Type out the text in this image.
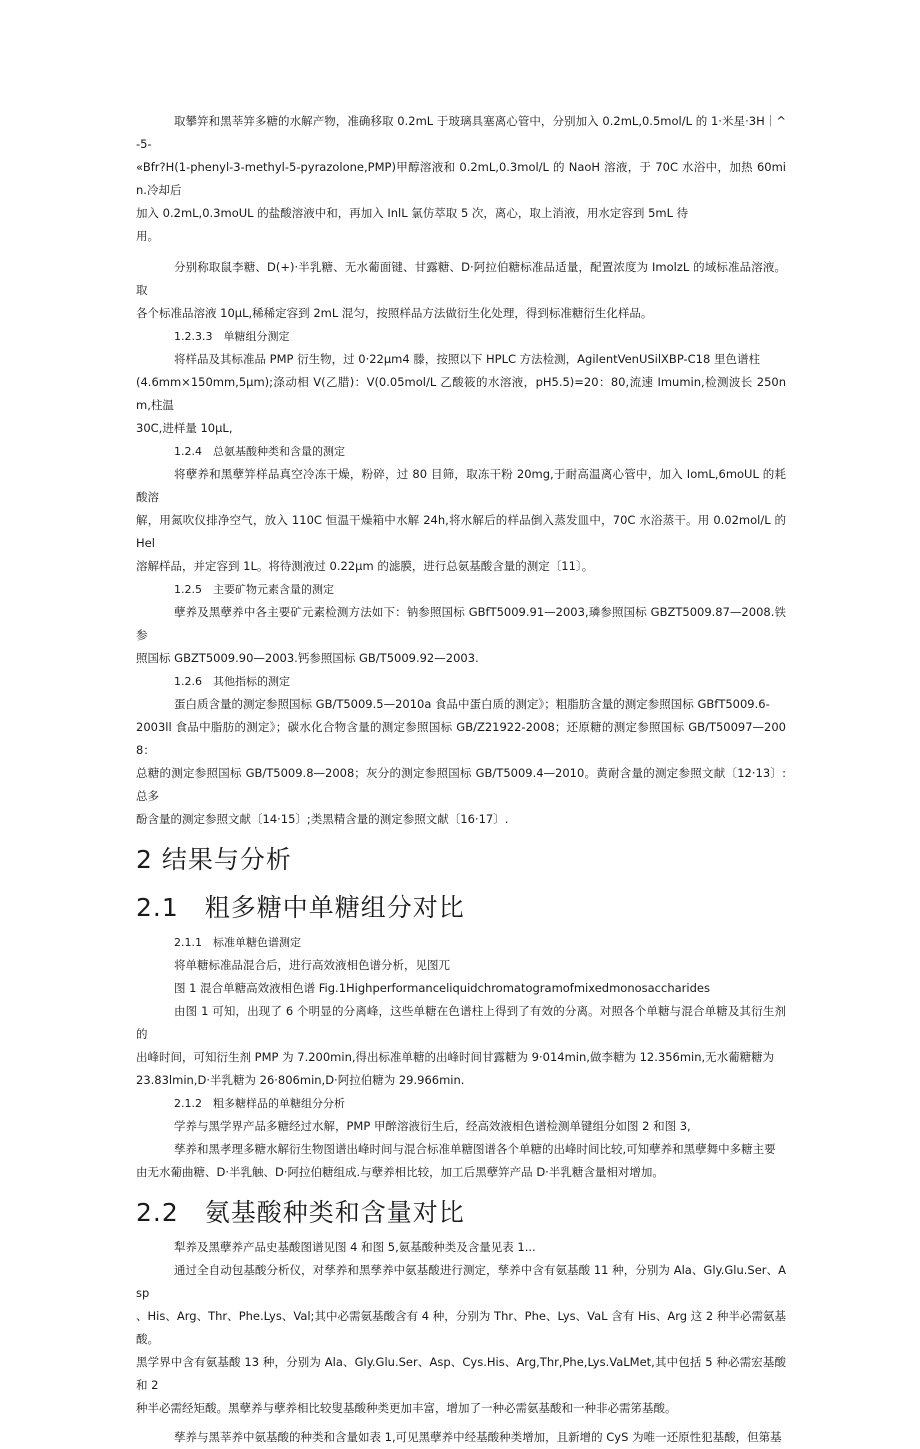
取攀笄和黑莘笄多糖的水解产物，准确移取 0.2mL 于玻璃具塞离心管中，分别加入 0.2mL,0.5mol/L 的 1·米星·3H｜^-5-
«Bfr?H(1-phenyl-3-methyl-5-pyrazolone,PMP)甲醇溶液和 0.2mL,0.3mol/L 的 NaoH 溶液，于 70C 水浴中，加热 60min.冷却后
加入 0.2mL,0.3moUL 的盐酸溶液中和，再加入 InlL 氯仿萃取 5 次，离心，取上消液，用水定容到 5mL 待
用。

分别称取鼠李糖、D(+)·半乳糖、无水葡面键、甘露糖、D·阿拉伯糖标准品适量，配置浓度为 ImolzL 的域标准品溶液。取
各个标准品溶液 10μL,稀稀定容到 2mL 混匀，按照样品方法做衍生化处理，得到标准糖衍生化样品。

1.2.3.3　单糖组分测定

将样品及其标准品 PMP 衍生物，过 0·22μm4 滕，按照以下 HPLC 方法检测，AgilentVenUSilXBP-C18 里色谱柱
(4.6mm×150mm,5μm);涤动相 V(乙腊)：V(0.05mol/L 乙酸筱的水溶液，pH5.5)=20：80,流速 Imumin,检测波长 250nm,柱温
30C,进样量 10μL,

1.2.4　总氨基酸种类和含量的测定

将孽养和黑孽笄样品真空冷冻干燥，粉碎，过 80 目筛，取冻干粉 20mg,于耐高温离心管中，加入 IomL,6moUL 的耗酸溶
解，用氮吹仪排净空气，放入 110C 恒温干燥箱中水解 24h,将水解后的样品倒入蒸发皿中，70C 水浴蒸干。用 0.02mol/L 的 Hel
溶解样品，并定容到 1L。将待测液过 0.22μm 的滤膜，进行总氨基酸含量的测定〔11〕。

1.2.5　主要矿物元素含量的测定

孽养及黑孽养中各主要矿元素检测方法如下：钠参照国标 GBfT5009.91—2003,璘参照国标 GBZT5009.87—2008.铁参
照国标 GBZT5009.90—2003.钙参照国标 GB/T5009.92—2003.

1.2.6　其他指标的测定

蛋白质含量的测定参照国标 GB/T5009.5—2010a 食品中蛋白质的测定》；粗脂肪含量的测定参照国标 GBfT5009.6-
2003ll 食品中脂肪的测定》；碳水化合物含量的测定参照国标 GB/Z21922-2008；还原糖的测定参照国标 GB/T50097—2008：
总糖的测定参照国标 GB/T5009.8—2008；灰分的测定参照国标 GB/T5009.4—2010。黄耐含量的测定参照文献〔12·13〕:总多
酚含量的测定参照文献〔14·15〕;类黑精含量的测定参照文献〔16·17〕.

2 结果与分析
2.1　粗多糖中单糖组分对比

2.1.1　标准单糖色谱测定

将单糖标准品混合后，进行高效液相色谱分析，见图兀

图 1 混合单糖高效液相色谱 Fig.1Highperformanceliquidchromatogramofmixedmonosaccharides

由图 1 可知，出现了 6 个明显的分离峰，这些单糖在色谱柱上得到了有效的分离。对照各个单糖与混合单糖及其衍生剂的
出峰时间，可知衍生剂 PMP 为 7.200min,得出标准单糖的出峰时间甘露糖为 9·014min,做李糖为 12.356min,无水葡糖糖为
23.83lmin,D·半乳糖为 26·806min,D·阿拉伯糖为 29.966min.

2.1.2　粗多糖样品的单糖组分分析

学养与黑学界产品多糖经过水解，PMP 甲醉溶液衍生后，经高效液相色谱检测单键组分如图 2 和图 3,

孳养和黑孝理多糖水解衍生物图谱出峰时间与混合标准单糖图谱各个单糖的出峰时间比较,可知孽养和黑孽舞中多糖主要
由无水葡曲糖、D·半乳触、D·阿拉伯糖组成.与孽养相比较，加工后黑孽笄产品 D·半乳糖含量相对增加。

2.2　氨基酸种类和含量对比

犁养及黑孽养产品史基酸图谱见图 4 和图 5,氨基酸种类及含量见表 1...

通过全自动包基酸分析仪，对孳养和黑孳养中氨基酸进行测定，孳养中含有氨基酸 11 种，分别为 Ala、Gly.Glu.Ser、Asp
、His、Arg、Thr、Phe.Lys、Val;其中必需氨基酸含有 4 种，分别为 Thr、Phe、Lys、VaL 含有 His、Arg 这 2 种半必需氨基酸。
黑学界中含有氨基酸 13 种，分别为 Ala、Gly.Glu.Ser、Asp、Cys.His、Arg,Thr,Phe,Lys.VaLMet,其中包括 5 种必需宏基酸和 2
种半必需经矩酸。黑孽养与孽养相比较叟基酸种类更加丰富，增加了一种必需氨基酸和一种非必需笫基酸。

孳养与黑莘养中氨基酸的种类和含量如表 1,可见黑孽养中经基酸种类增加，且新增的 CyS 为唯一还原性犯基酸，但第基
